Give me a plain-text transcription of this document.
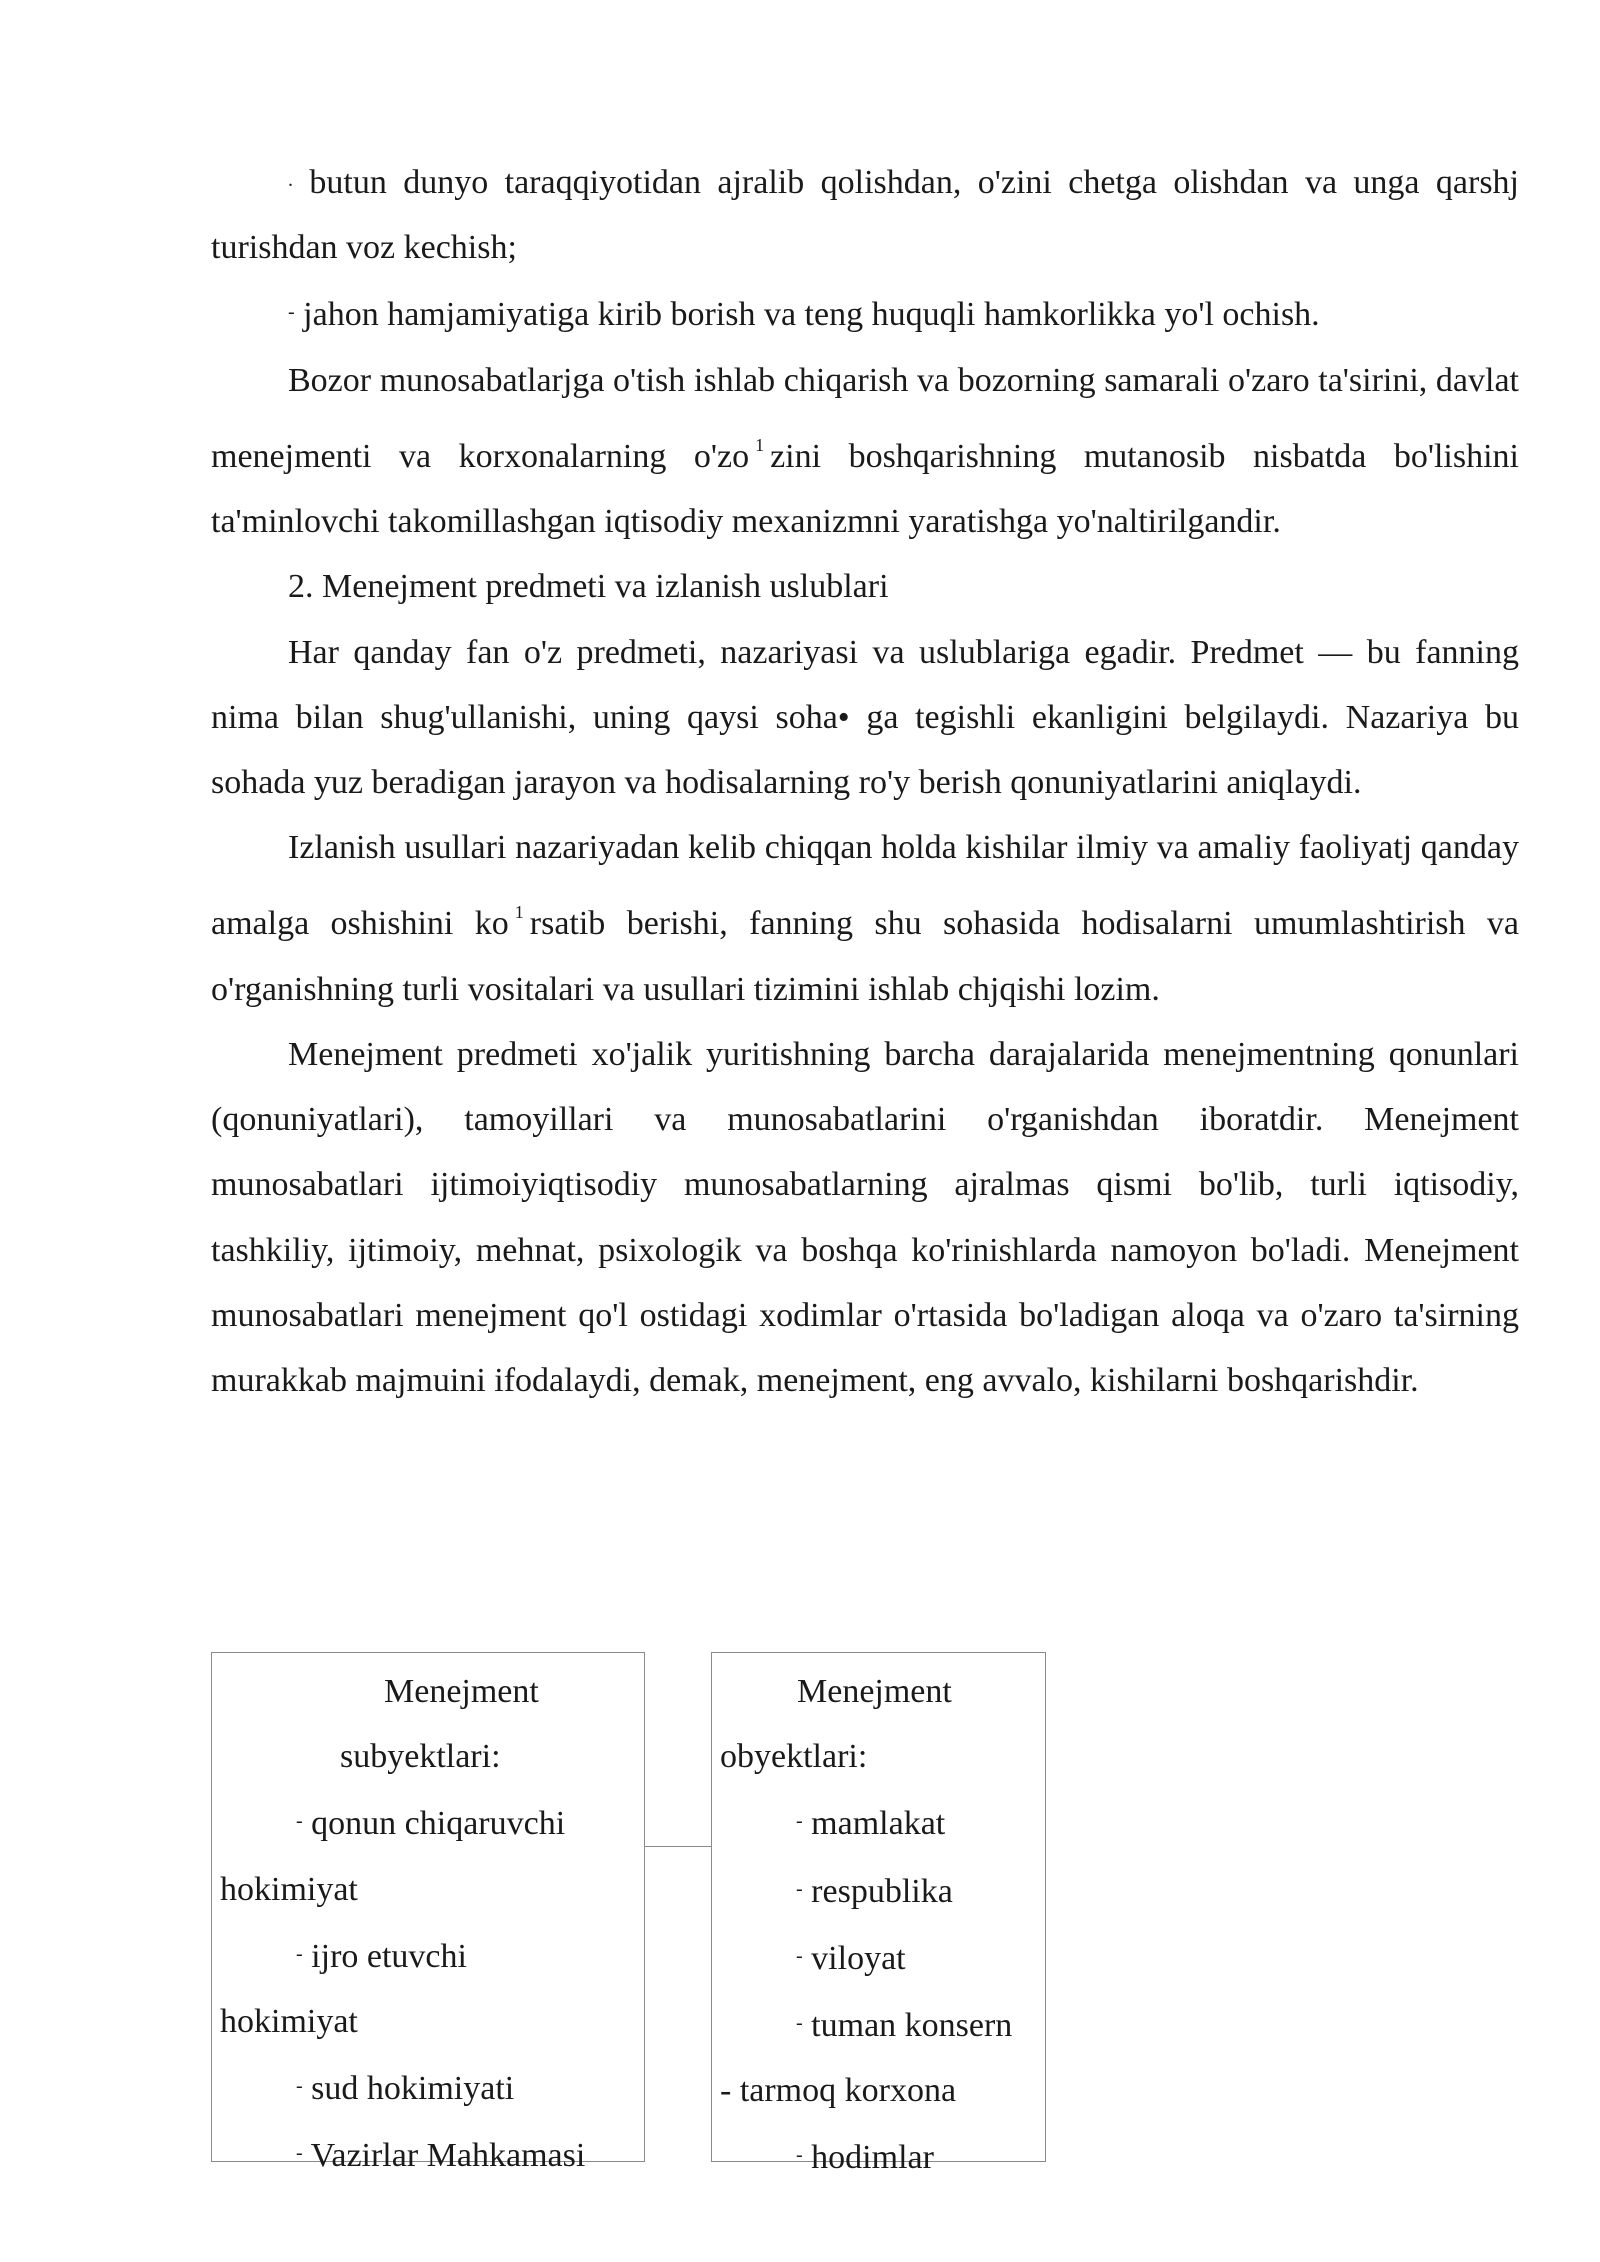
. butun dunyo taraqqiyotidan ajralib qolishdan, o'zini chetga olishdan va unga qarshj turishdan voz kechish;

- jahon hamjamiyatiga kirib borish va teng huquqli hamkorlikka yo'l ochish.

Bozor munosabatlarjga o'tish ishlab chiqarish va bozorning samarali o'zaro ta'sirini, davlat menejmenti va korxonalarning o'zo $^1$ zini boshqarishning mutanosib nisbatda bo'lishini ta'minlovchi takomillashgan iqtisodiy mexanizmni yaratishga yo'naltirilgandir.

2. Menejment predmeti va izlanish uslublari

Har qanday fan o'z predmeti, nazariyasi va uslublariga egadir. Predmet — bu fanning nima bilan shug'ullanishi, uning qaysi soha• ga tegishli ekanligini belgilaydi. Nazariya bu sohada yuz beradigan jarayon va hodisalarning ro'y berish qonuniyatlarini aniqlaydi.

Izlanish usullari nazariyadan kelib chiqqan holda kishilar ilmiy va amaliy faoliyatj qanday amalga oshishini ko $^1$ rsatib berishi, fanning shu sohasida hodisalarni umumlashtirish va o'rganishning turli vositalari va usullari tizimini ishlab chjqishi lozim.

Menejment predmeti xo'jalik yuritishning barcha darajalarida menejmentning qonunlari (qonuniyatlari), tamoyillari va munosabatlarini o'rganishdan iboratdir. Menejment munosabatlari ijtimoiyiqtisodiy munosabatlarning ajralmas qismi bo'lib, turli iqtisodiy, tashkiliy, ijtimoiy, mehnat, psixologik va boshqa ko'rinishlarda namoyon bo'ladi. Menejment munosabatlari menejment qo'l ostidagi xodimlar o'rtasida bo'ladigan aloqa va o'zaro ta'sirning murakkab majmuini ifodalaydi, demak, menejment, eng avvalo, kishilarni boshqarishdir.

Menejment
subyektlari:
- qonun chiqaruvchi
hokimiyat
- ijro etuvchi
hokimiyat
- sud hokimiyati
- Vazirlar Mahkamasi
Menejment
obyektlari:
- mamlakat
- respublika
- viloyat
- tuman konsern
- tarmoq korxona
- hodimlar
